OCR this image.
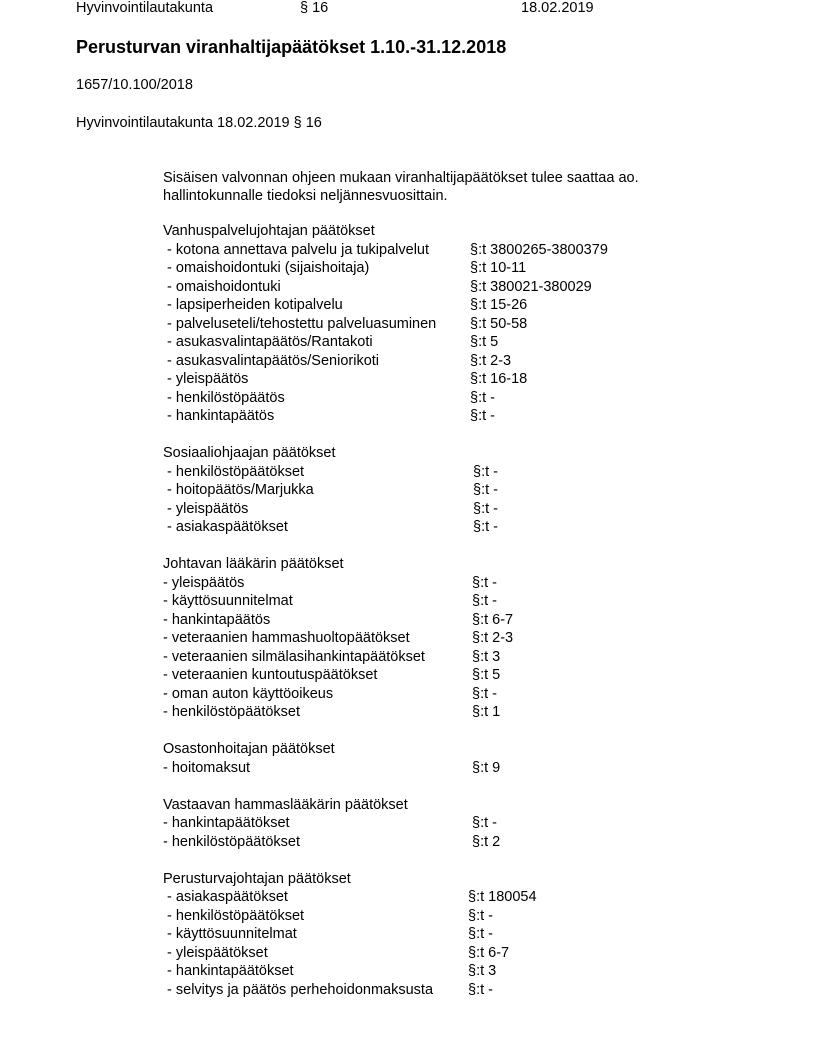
Hyvinvointilautakunta	§ 16	18.02.2019
Perusturvan viranhaltijapäätökset 1.10.-31.12.2018
1657/10.100/2018
Hyvinvointilautakunta 18.02.2019 § 16
Sisäisen valvonnan ohjeen mukaan viranhaltijapäätökset tulee saattaa ao.
hallintokunnalle tiedoksi neljännesvuosittain.
Vanhuspalvelujohtajan päätökset
- kotona annettava palvelu ja tukipalvelut	§:t 3800265-3800379
- omaishoidontuki (sijaishoitaja)	§:t 10-11
- omaishoidontuki	§:t 380021-380029
- lapsiperheiden kotipalvelu	§:t 15-26
- palveluseteli/tehostettu palveluasuminen	§:t 50-58
- asukasvalintapäätös/Rantakoti	§:t 5
- asukasvalintapäätös/Seniorikoti	§:t 2-3
- yleispäätös	§:t 16-18
- henkilöstöpäätös	§:t -
- hankintapäätös	§:t -
Sosiaaliohjaajan päätökset
- henkilöstöpäätökset	§:t -
- hoitopäätös/Marjukka	§:t -
- yleispäätös	§:t -
- asiakaspäätökset	§:t -
Johtavan lääkärin päätökset
- yleispäätös	§:t -
- käyttösuunnitelmat	§:t -
- hankintapäätös	§:t 6-7
- veteraanien hammashuoltopäätökset	§:t 2-3
- veteraanien silmälasihankintapäätökset	§:t 3
- veteraanien kuntoutuspäätökset	§:t 5
- oman auton käyttöoikeus	§:t -
- henkilöstöpäätökset	§:t 1
Osastonhoitajan päätökset
- hoitomaksut	§:t 9
Vastaavan hammaslääkärin päätökset
- hankintapäätökset	§:t -
- henkilöstöpäätökset	§:t 2
Perusturvajohtajan päätökset
- asiakaspäätökset	§:t 180054
- henkilöstöpäätökset	§:t -
- käyttösuunnitelmat	§:t -
- yleispäätökset	§:t 6-7
- hankintapäätökset	§:t 3
- selvitys ja päätös perhehoidonmaksusta	§:t -
